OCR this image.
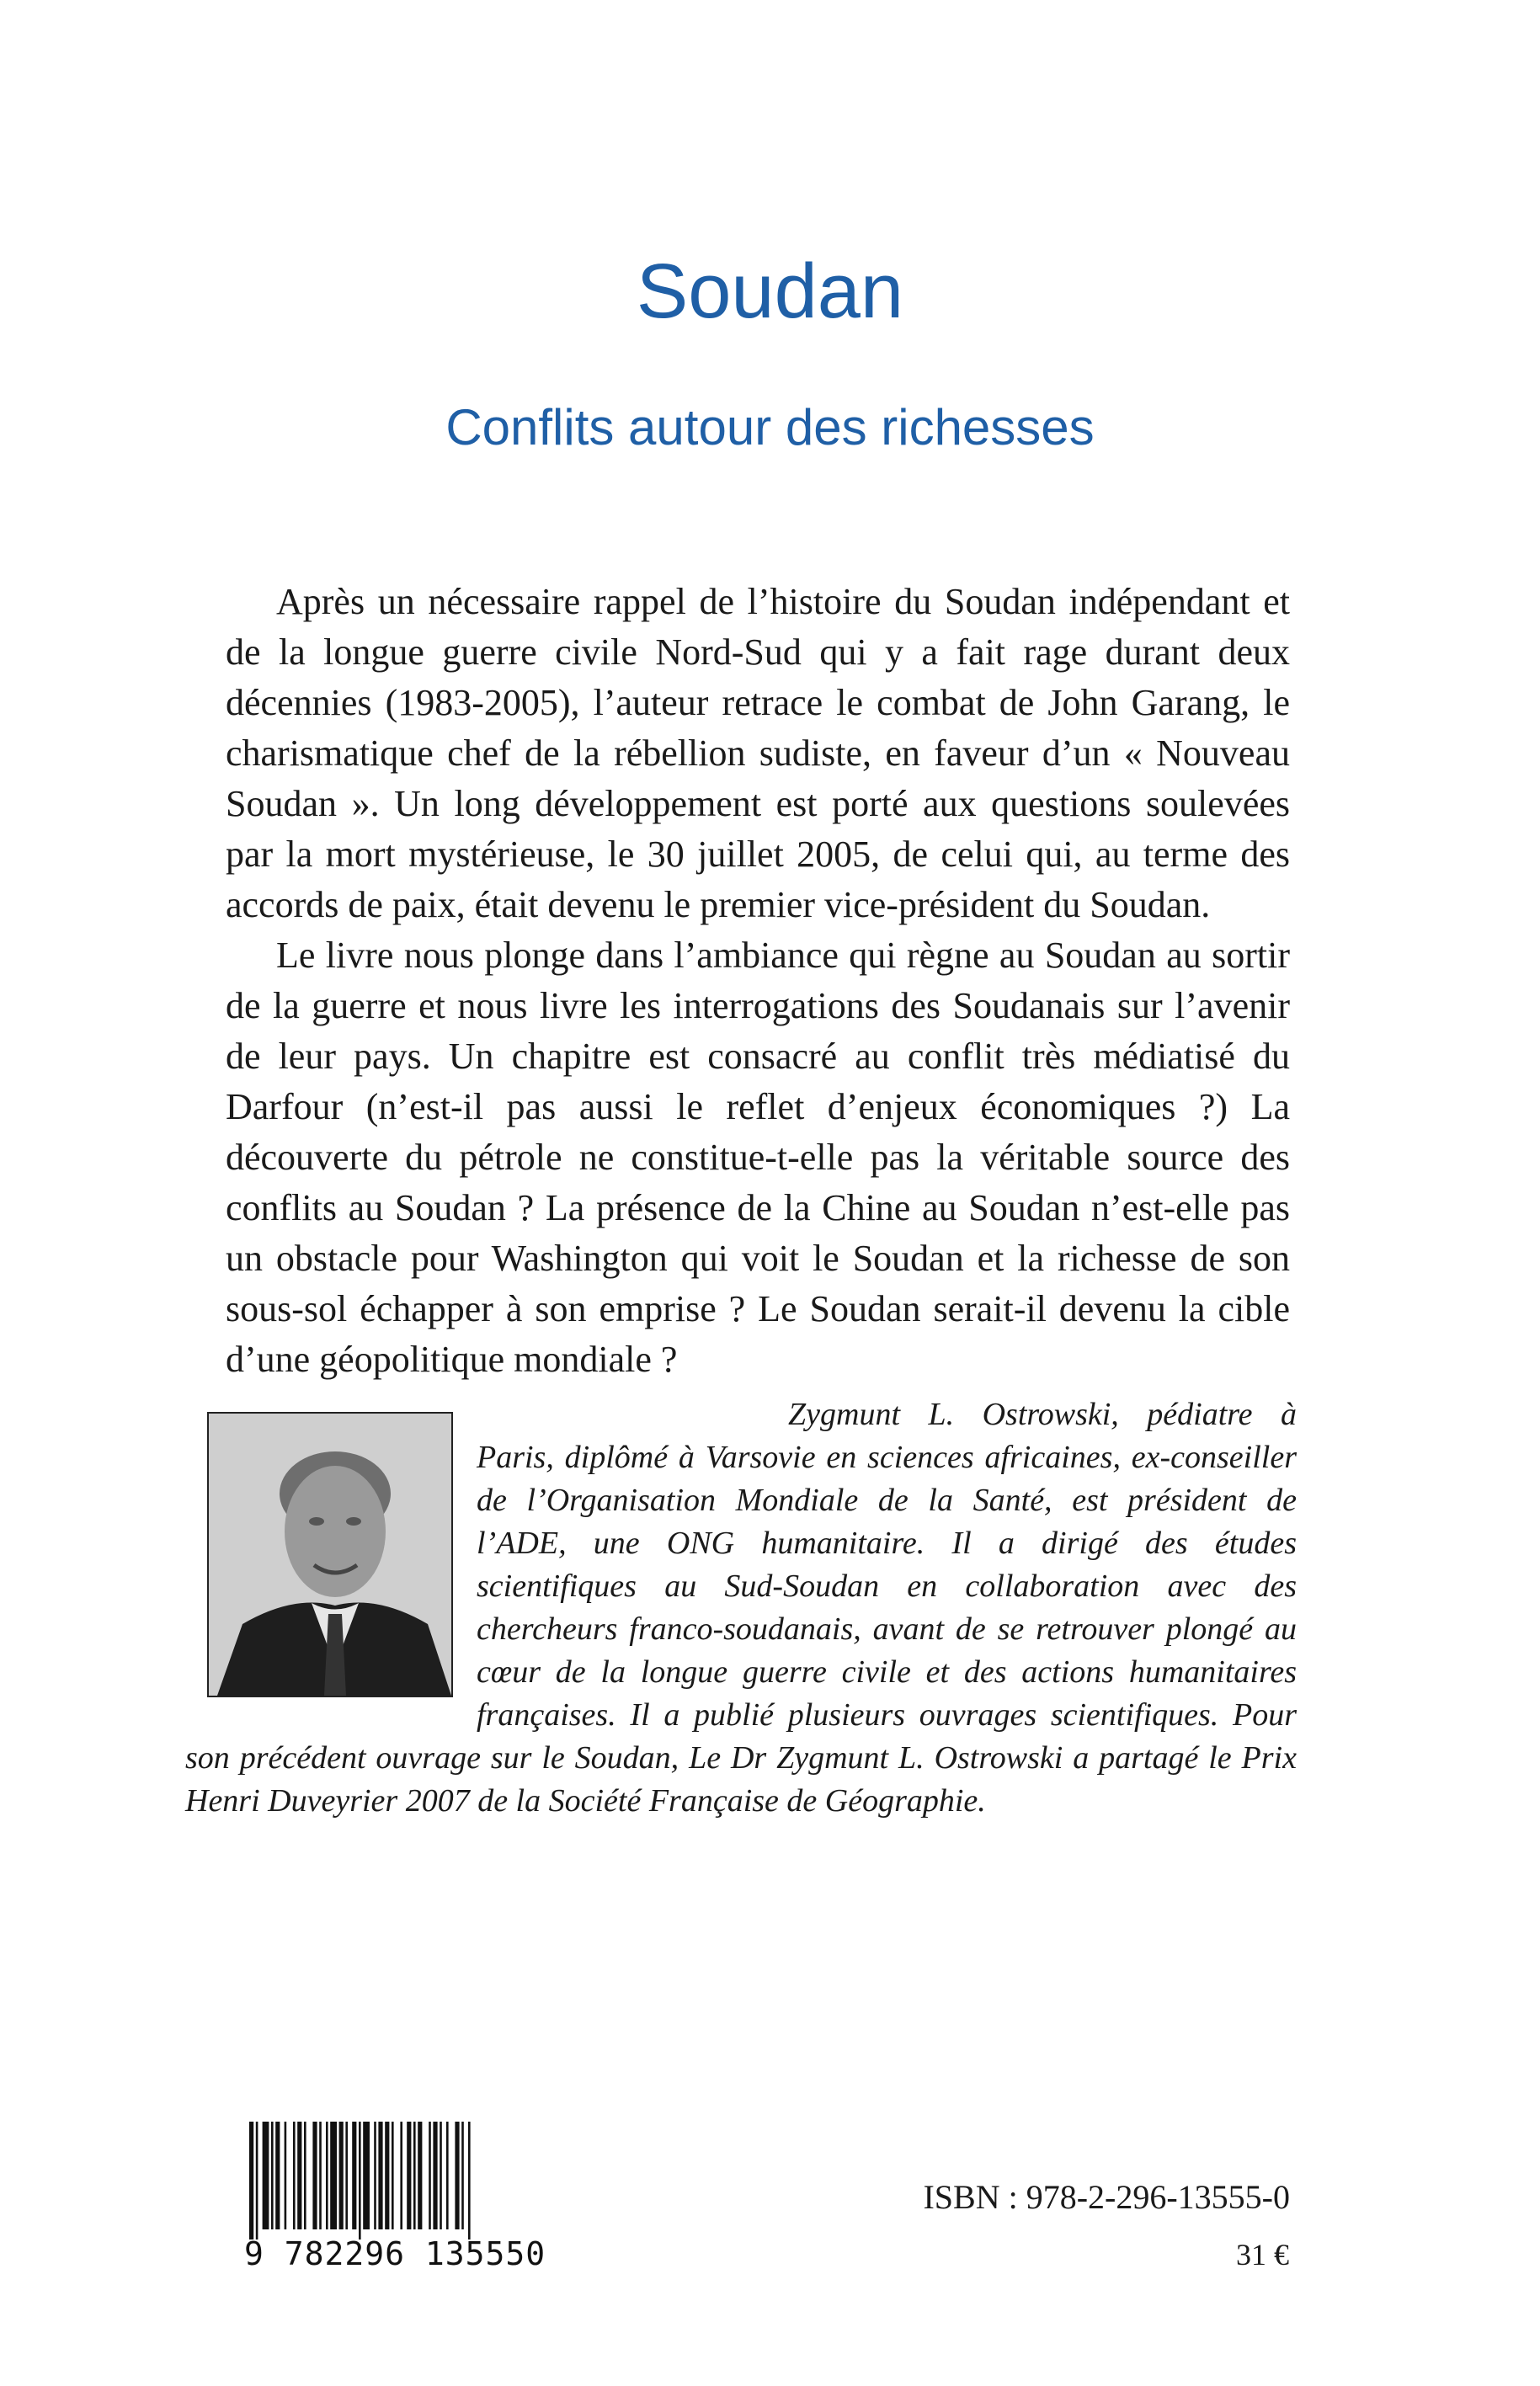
Soudan
Conflits autour des richesses

Après un nécessaire rappel de l’histoire du Soudan indépendant et de la longue guerre civile Nord-Sud qui y a fait rage durant deux décennies (1983-2005), l’auteur retrace le combat de John Garang, le charismatique chef de la rébellion sudiste, en faveur d’un « Nouveau Soudan ». Un long développement est porté aux questions soulevées par la mort mystérieuse, le 30 juillet 2005, de celui qui, au terme des accords de paix, était devenu le premier vice-président du Soudan.

Le livre nous plonge dans l’ambiance qui règne au Soudan au sortir de la guerre et nous livre les interrogations des Soudanais sur l’avenir de leur pays. Un chapitre est consacré au conflit très médiatisé du Darfour (n’est-il pas aussi le reflet d’enjeux économiques ?) La découverte du pétrole ne constitue-t-elle pas la véritable source des conflits au Soudan ? La présence de la Chine au Soudan n’est-elle pas un obstacle pour Washington qui voit le Soudan et la richesse de son sous-sol échapper à son emprise ? Le Soudan serait-il devenu la cible d’une géopolitique mondiale ?

Zygmunt L. Ostrowski, pédiatre à Paris, diplômé à Varsovie en sciences africaines, ex-conseiller de l’Organisation Mondiale de la Santé, est président de l’ADE, une ONG humanitaire. Il a dirigé des études scientifiques au Sud-Soudan en collaboration avec des chercheurs franco-soudanais, avant de se retrouver plongé au cœur de la longue guerre civile et des actions humanitaires françaises. Il a publié plusieurs ouvrages scientifiques. Pour son précédent ouvrage sur le Soudan, Le Dr Zygmunt L. Ostrowski a partagé le Prix Henri Duveyrier 2007 de la Société Française de Géographie.

9 782296 135550
ISBN : 978-2-296-13555-0
31 €
